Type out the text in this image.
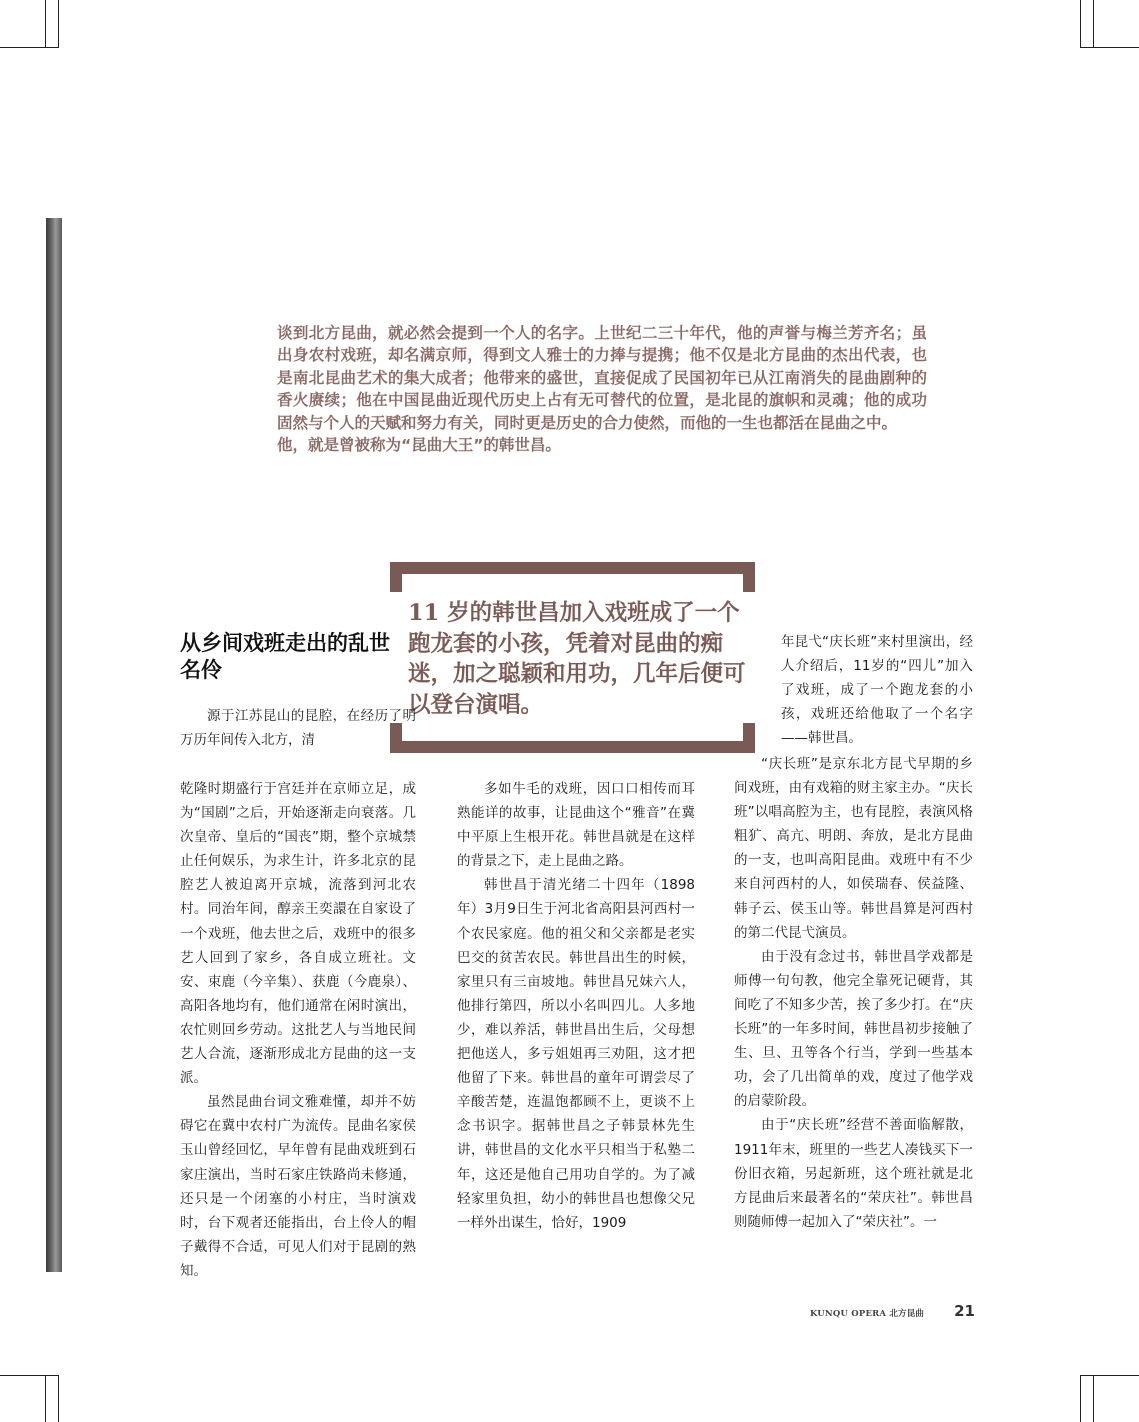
谈到北方昆曲，就必然会提到一个人的名字。上世纪二三十年代，他的声誉与梅兰芳齐名；虽出身农村戏班，却名满京师，得到文人雅士的力捧与提携；他不仅是北方昆曲的杰出代表，也是南北昆曲艺术的集大成者；他带来的盛世，直接促成了民国初年已从江南消失的昆曲剧种的香火赓续；他在中国昆曲近现代历史上占有无可替代的位置，是北昆的旗帜和灵魂；他的成功固然与个人的天赋和努力有关，同时更是历史的合力使然，而他的一生也都活在昆曲之中。

他，就是曾被称为“昆曲大王”的韩世昌。

11 岁的韩世昌加入戏班成了一个跑龙套的小孩，凭着对昆曲的痴迷，加之聪颖和用功，几年后便可以登台演唱。
从乡间戏班走出的乱世名伶

源于江苏昆山的昆腔，在经历了明万历年间传入北方，清

乾隆时期盛行于宫廷并在京师立足，成为“国剧”之后，开始逐渐走向衰落。几次皇帝、皇后的“国丧”期，整个京城禁止任何娱乐，为求生计，许多北京的昆腔艺人被迫离开京城，流落到河北农村。同治年间，醇亲王奕譞在自家设了一个戏班，他去世之后，戏班中的很多艺人回到了家乡，各自成立班社。文安、束鹿（今辛集）、获鹿（今鹿泉）、高阳各地均有，他们通常在闲时演出，农忙则回乡劳动。这批艺人与当地民间艺人合流，逐渐形成北方昆曲的这一支派。

虽然昆曲台词文雅难懂，却并不妨碍它在冀中农村广为流传。昆曲名家侯玉山曾经回忆，早年曾有昆曲戏班到石家庄演出，当时石家庄铁路尚未修通，还只是一个闭塞的小村庄，当时演戏时，台下观者还能指出，台上伶人的帽子戴得不合适，可见人们对于昆剧的熟知。

多如牛毛的戏班，因口口相传而耳熟能详的故事，让昆曲这个“雅音”在冀中平原上生根开花。韩世昌就是在这样的背景之下，走上昆曲之路。

韩世昌于清光绪二十四年（1898年）3月9日生于河北省高阳县河西村一个农民家庭。他的祖父和父亲都是老实巴交的贫苦农民。韩世昌出生的时候，家里只有三亩坡地。韩世昌兄妹六人，他排行第四，所以小名叫四儿。人多地少，难以养活，韩世昌出生后，父母想把他送人，多亏姐姐再三劝阻，这才把他留了下来。韩世昌的童年可谓尝尽了辛酸苦楚，连温饱都顾不上，更谈不上念书识字。据韩世昌之子韩景林先生讲，韩世昌的文化水平只相当于私塾二年，这还是他自己用功自学的。为了减轻家里负担，幼小的韩世昌也想像父兄一样外出谋生，恰好，1909

年昆弋“庆长班”来村里演出，经人介绍后，11岁的“四儿”加入了戏班，成了一个跑龙套的小孩，戏班还给他取了一个名字——韩世昌。

“庆长班”是京东北方昆弋早期的乡间戏班，由有戏箱的财主家主办。“庆长班”以唱高腔为主，也有昆腔，表演风格粗犷、高亢、明朗、奔放，是北方昆曲的一支，也叫高阳昆曲。戏班中有不少来自河西村的人，如侯瑞春、侯益隆、韩子云、侯玉山等。韩世昌算是河西村的第二代昆弋演员。

由于没有念过书，韩世昌学戏都是师傅一句句教，他完全靠死记硬背，其间吃了不知多少苦，挨了多少打。在“庆长班”的一年多时间，韩世昌初步接触了生、旦、丑等各个行当，学到一些基本功，会了几出简单的戏，度过了他学戏的启蒙阶段。

由于“庆长班”经营不善面临解散，1911年末，班里的一些艺人凑钱买下一份旧衣箱，另起新班，这个班社就是北方昆曲后来最著名的“荣庆社”。韩世昌则随师傅一起加入了“荣庆社”。一

KUNQU OPERA 北方昆曲 21
